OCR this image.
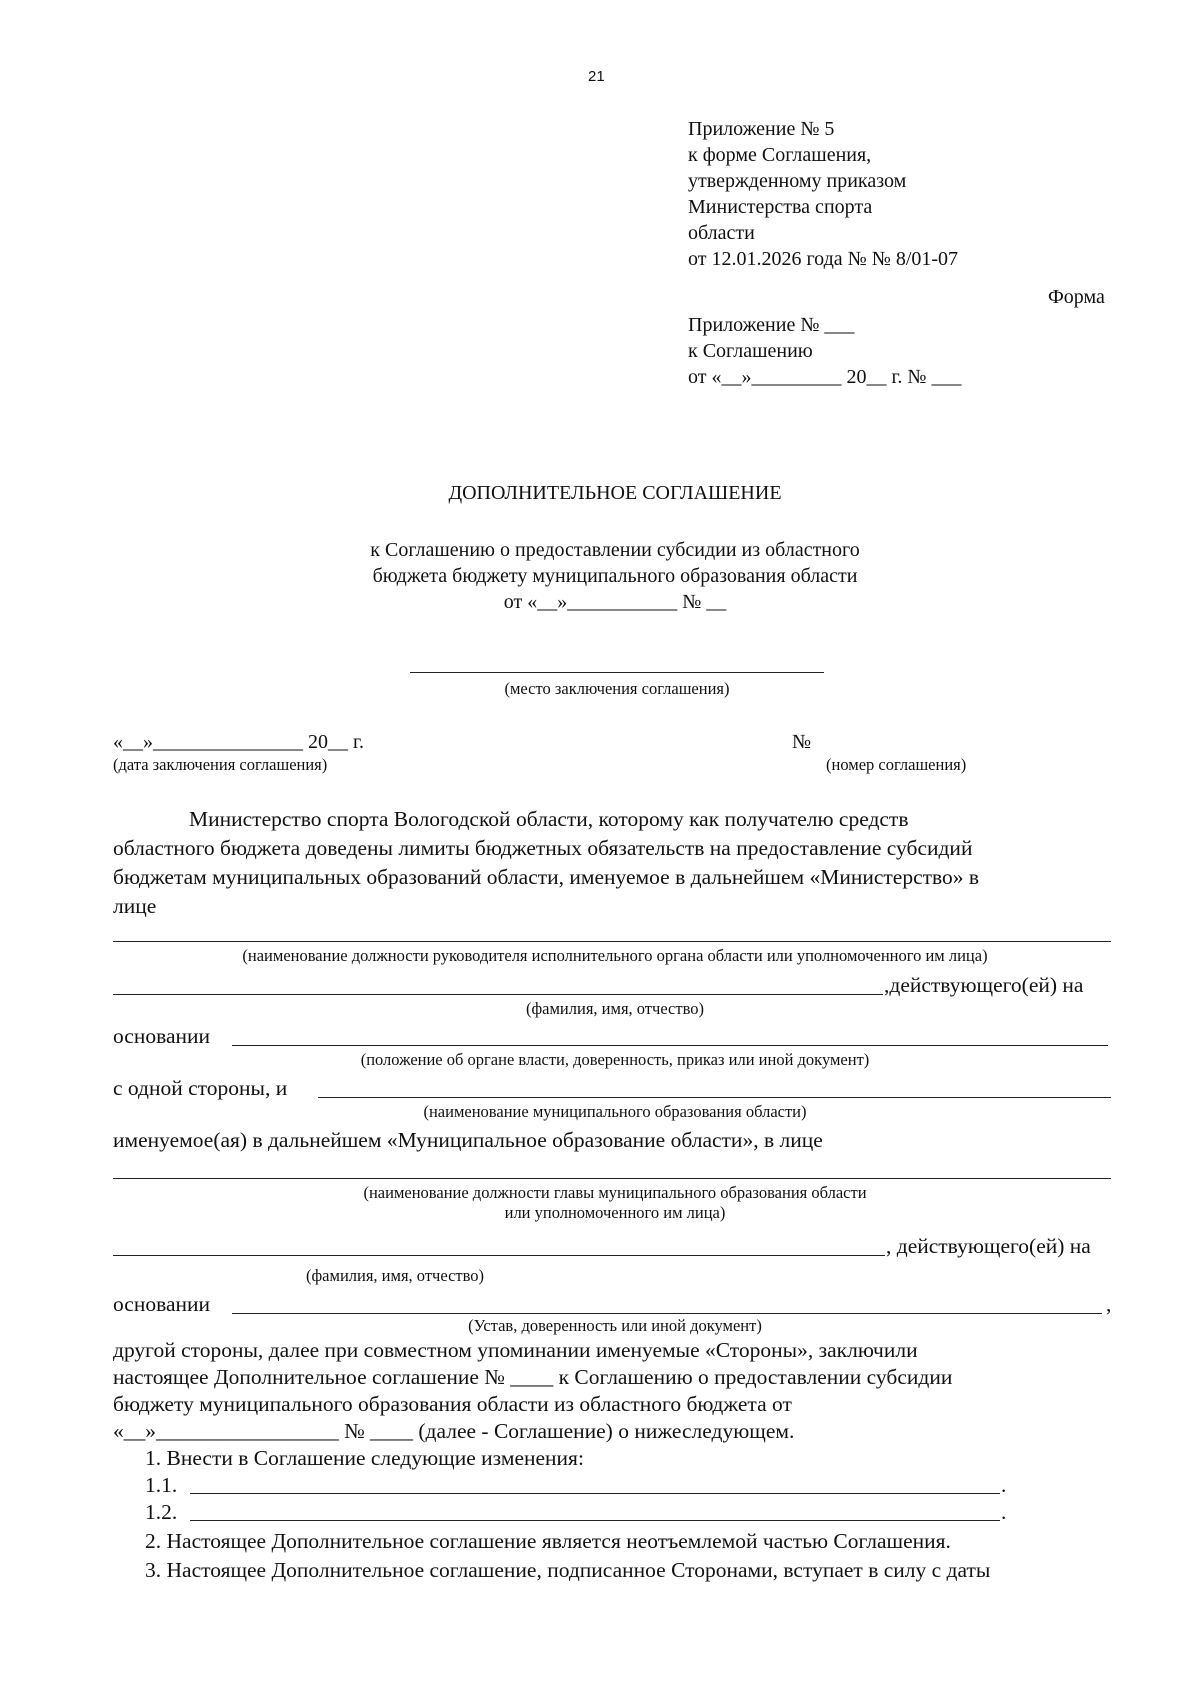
21
Приложение № 5
к форме Соглашения,
утвержденному приказом
Министерства спорта
области
от 12.01.2026 года № № 8/01-07
Форма
Приложение № ___
к Соглашению
от «__»_________ 20__ г. № ___
ДОПОЛНИТЕЛЬНОЕ СОГЛАШЕНИЕ
к Соглашению о предоставлении субсидии из областного
бюджета бюджету муниципального образования области
от «__»___________ № __
(место заключения соглашения)
«__»_______________ 20__ г.	№
(дата заключения соглашения)	(номер соглашения)
Министерство спорта Вологодской области, которому как получателю средств
областного бюджета доведены лимиты бюджетных обязательств на предоставление субсидий
бюджетам муниципальных образований области, именуемое в дальнейшем «Министерство» в
лице
(наименование должности руководителя исполнительного органа области или уполномоченного им лица)
,действующего(ей) на
(фамилия, имя, отчество)
основании
(положение об органе власти, доверенность, приказ или иной документ)
с одной стороны, и
(наименование муниципального образования области)
именуемое(ая) в дальнейшем «Муниципальное образование области», в лице
(наименование должности главы муниципального образования области
или уполномоченного им лица)
, действующего(ей) на
(фамилия, имя, отчество)
основании	,
(Устав, доверенность или иной документ)
другой стороны, далее при совместном упоминании именуемые «Стороны», заключили
настоящее Дополнительное соглашение № ____ к Соглашению о предоставлении субсидии
бюджету муниципального образования области из областного бюджета от
«__»_________________ № ____ (далее - Соглашение) о нижеследующем.
1. Внести в Соглашение следующие изменения:
1.1.	.
1.2.	.
2. Настоящее Дополнительное соглашение является неотъемлемой частью Соглашения.
3. Настоящее Дополнительное соглашение, подписанное Сторонами, вступает в силу с даты
